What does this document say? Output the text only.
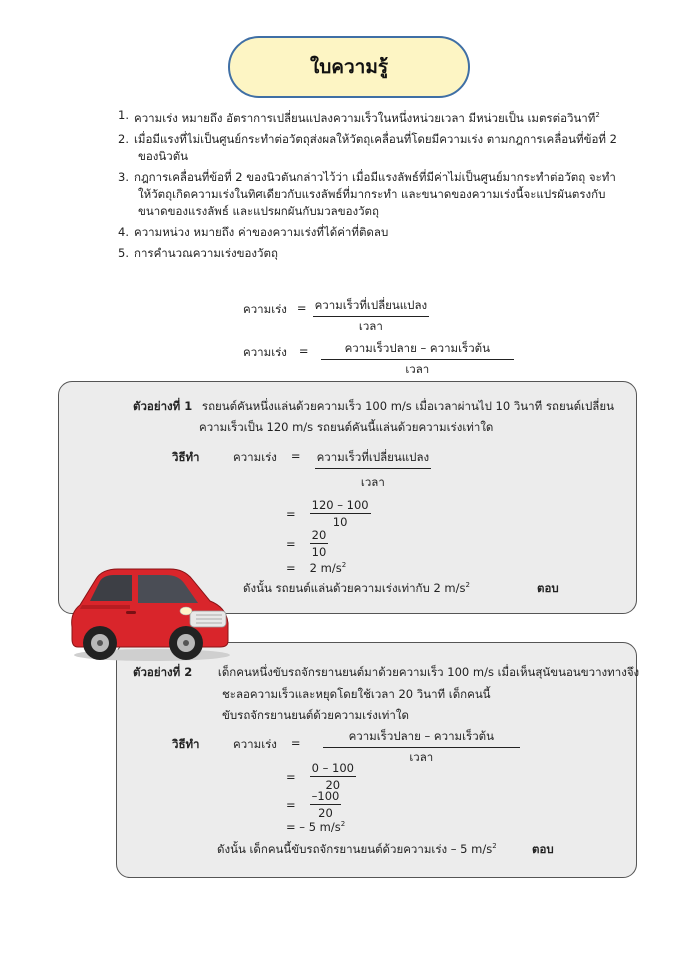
ใบความรู้
1. ความเร่ง หมายถึง อัตราการเปลี่ยนแปลงความเร็วในหนึ่งหน่วยเวลา มีหน่วยเป็น เมตรต่อวินาที$^2$
2. เมื่อมีแรงที่ไม่เป็นศูนย์กระทำต่อวัตถุส่งผลให้วัตถุเคลื่อนที่โดยมีความเร่ง ตามกฎการเคลื่อนที่ข้อที่ 2
ของนิวตัน
3. กฎการเคลื่อนที่ข้อที่ 2 ของนิวตันกล่าวไว้ว่า เมื่อมีแรงลัพธ์ที่มีค่าไม่เป็นศูนย์มากระทำต่อวัตถุ จะทำ
ให้วัตถุเกิดความเร่งในทิศเดียวกับแรงลัพธ์ที่มากระทำ และขนาดของความเร่งนี้จะแปรผันตรงกับ
ขนาดของแรงลัพธ์ และแปรผกผันกับมวลของวัตถุ
4. ความหน่วง หมายถึง ค่าของความเร่งที่ได้ค่าที่ติดลบ
5. การคำนวณความเร่งของวัตถุ
ความเร่ง = $\frac{\text{ความเร็วที่เปลี่ยนแปลง}}{\text{เวลา}}$
ความเร่ง = $\frac{\text{ความเร็วปลาย – ความเร็วต้น}}{\text{เวลา}}$
ตัวอย่างที่ 1 รถยนต์คันหนึ่งแล่นด้วยความเร็ว 100 m/s เมื่อเวลาผ่านไป 10 วินาที รถยนต์เปลี่ยน
ความเร็วเป็น 120 m/s รถยนต์คันนี้แล่นด้วยความเร่งเท่าใด
วิธีทำ	ความเร่ง = $\frac{\text{ความเร็วที่เปลี่ยนแปลง}}{\text{เวลา}}$
= $\frac{120 - 100}{10}$
= $\frac{20}{10}$
= 2 $m/s^2$
ดังนั้น รถยนต์แล่นด้วยความเร่งเท่ากับ 2 $m/s^2$	ตอบ
ตัวอย่างที่ 2 เด็กคนหนึ่งขับรถจักรยานยนต์มาด้วยความเร็ว 100 m/s เมื่อเห็นสุนัขนอนขวางทางจึง
ชะลอความเร็วและหยุดโดยใช้เวลา 20 วินาที เด็กคนนี้
ขับรถจักรยานยนต์ด้วยความเร่งเท่าใด
วิธีทำ	ความเร่ง = $\frac{\text{ความเร็วปลาย – ความเร็วต้น}}{\text{เวลา}}$
= $\frac{0 - 100}{20}$
= $\frac{-100}{20}$
= – 5 $m/s^2$
ดังนั้น เด็กคนนี้ขับรถจักรยานยนต์ด้วยความเร่ง – 5 $m/s^2$	ตอบ
